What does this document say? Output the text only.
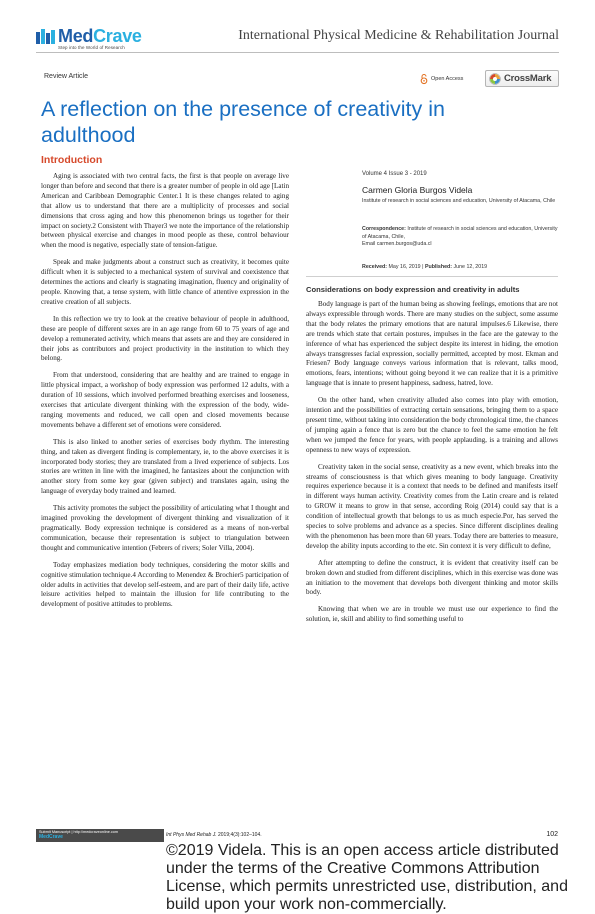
MedCrave
Step into the World of Research
International Physical Medicine & Rehabilitation Journal
Review Article	Open Access	CrossMark
A reflection on the presence of creativity in adulthood
Introduction

Aging is associated with two central facts, the first is that people on average live longer than before and second that there is a greater number of people in old age [Latin American and Caribbean Demographic Center.1 It is these changes related to aging that allow us to understand that there are a multiplicity of processes and social dimensions that cross aging and how this phenomenon brings us together for their impact on society.2 Consistent with Thayer3 we note the importance of the relationship between physical exercise and changes in mood people as these, control behaviour when the mood is negative, especially state of tension-fatigue.

Speak and make judgments about a construct such as creativity, it becomes quite difficult when it is subjected to a mechanical system of survival and coexistence that determines the actions and clearly is stagnating imagination, fluency and originality of people. Knowing that, a tense system, with little chance of attentive expression in the creative creation of all subjects.

In this reflection we try to look at the creative behaviour of people in adulthood, these are people of different sexes are in an age range from 60 to 75 years of age and develop a remunerated activity, which means that assets are and they are considered in their jobs as contributors and project productivity in the institution to which they belong.

From that understood, considering that are healthy and are trained to engage in little physical impact, a workshop of body expression was performed 12 adults, with a duration of 10 sessions, which involved performed breathing exercises and looseness, exercises that articulate divergent thinking with the expression of the body, wide-ranging movements and reduced, we call open and closed movements because movements behave a different set of emotions were considered.

This is also linked to another series of exercises body rhythm. The interesting thing, and taken as divergent finding is complementary, ie, to the above exercises it is incorporated body stories; they are translated from a lived experience of subjects. Los stories are written in line with the imagined, he fantasizes about the conjunction with another story from some key gear (given subject) and translates again, using the language of everyday body trained and learned.

This activity promotes the subject the possibility of articulating what I thought and imagined provoking the development of divergent thinking and visualization of it pragmatically. Body expression technique is considered as a means of non-verbal communication, because their representation is subject to triangulation between thought and communicative intention (Febrers of rivers; Soler Villa, 2004).

Today emphasizes mediation body techniques, considering the motor skills and cognitive stimulation technique.4 According to Menendez & Brochier5 participation of older adults in activities that develop self-esteem, and are part of their daily life, active leisure activities helped to maintain the illusion for life contributing to the development of positive attitudes to problems.

Volume 4 Issue 3 - 2019
Carmen Gloria Burgos Videla
Institute of research in social sciences and education, University of Atacama, Chile
Correspondence: Institute of research in social sciences and education, University of Atacama, Chile,
Email carmen.burgos@uda.cl
Received: May 16, 2019 | Published: June 12, 2019
Considerations on body expression and creativity in adults

Body language is part of the human being as showing feelings, emotions that are not always expressible through words. There are many studies on the subject, some assume that the body relates the primary emotions that are natural impulses.6 Likewise, there are trends which state that certain postures, impulses in the face are the gateway to the inference of what has experienced the subject despite its interest in hiding, the emotion always transgresses facial expression, socially permitted, accepted by most. Ekman and Friesen7 Body language conveys various information that is relevant, talks mood, emotions, fears, intentions; without going beyond it we can realize that it is a primitive language that is innate to present happiness, sadness, hatred, love.

On the other hand, when creativity alluded also comes into play with emotion, intention and the possibilities of extracting certain sensations, bringing them to a space present time, without taking into consideration the body chronological time, the chances of jumping again a fence that is zero but the chance to feel the same emotion he felt when we jumped the fence for years, with people applauding, is a training and allows openness to new ways of expression.

Creativity taken in the social sense, creativity as a new event, which breaks into the streams of consciousness is that which gives meaning to body language. Creativity requires experience because it is a context that needs to be defined and manifests itself in different ways human activity. Creativity comes from the Latin creare and is related to GROW it means to grow in that sense, according Roig (2014) could say that is a condition of intellectual growth that belongs to us as much especie.Por, has served the species to solve problems and advance as a species. Since different disciplines dealing with the phenomenon has been more than 60 years. Today there are batteries to measure, develop the ability inputs according to the etc. Sin context it is very difficult to define,

After attempting to define the construct, it is evident that creativity itself can be broken down and studied from different disciplines, which in this exercise was done was an initiation to the movement that develops both divergent thinking and motor skills body.

Knowing that when we are in trouble we must use our experience to find the solution, ie, skill and ability to find something useful to

Submit Manuscript | http://medcraveonline.com
MedCrave	Int Phys Med Rehab J. 2019;4(3):102‒104.	102
©2019 Videla. This is an open access article distributed under the terms of the Creative Commons Attribution License, which permits unrestricted use, distribution, and build upon your work non-commercially.
